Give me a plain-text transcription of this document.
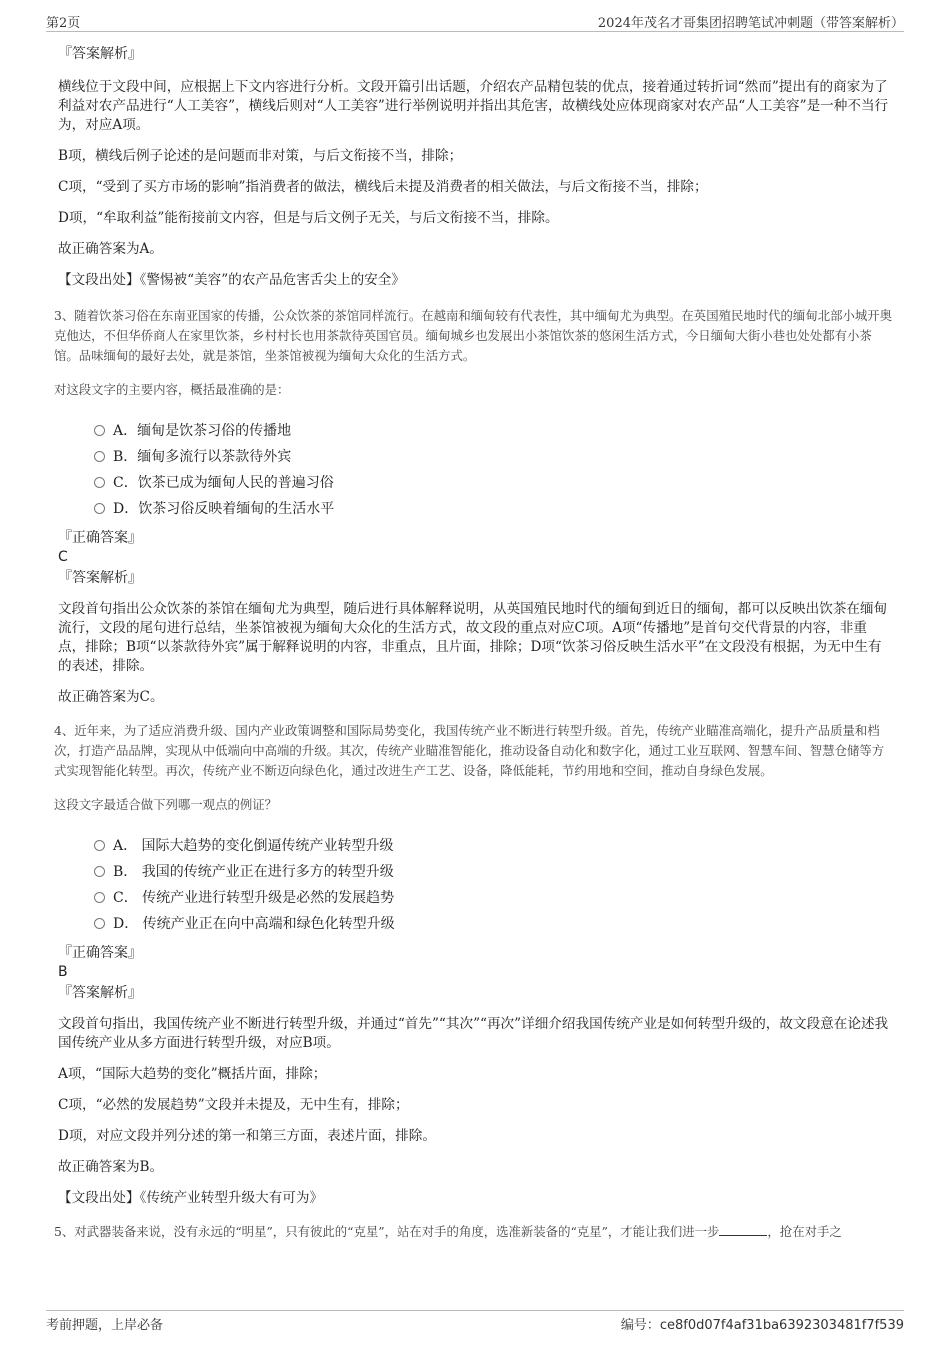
第2页	2024年茂名才哥集团招聘笔试冲刺题（带答案解析）
『答案解析』

横线位于文段中间，应根据上下文内容进行分析。文段开篇引出话题，介绍农产品精包装的优点，接着通过转折词“然而”提出有的商家为了利益对农产品进行“人工美容”，横线后则对“人工美容”进行举例说明并指出其危害，故横线处应体现商家对农产品“人工美容”是一种不当行为，对应A项。

B项，横线后例子论述的是问题而非对策，与后文衔接不当，排除；

C项，“受到了买方市场的影响”指消费者的做法，横线后未提及消费者的相关做法，与后文衔接不当，排除；

D项，“牟取利益”能衔接前文内容，但是与后文例子无关，与后文衔接不当，排除。

故正确答案为A。

【文段出处】《警惕被“美容”的农产品危害舌尖上的安全》

3、随着饮茶习俗在东南亚国家的传播，公众饮茶的茶馆同样流行。在越南和缅甸较有代表性，其中缅甸尤为典型。在英国殖民地时代的缅甸北部小城开奥克他达，不但华侨商人在家里饮茶，乡村村长也用茶款待英国官员。缅甸城乡也发展出小茶馆饮茶的悠闲生活方式，今日缅甸大街小巷也处处都有小茶馆。品味缅甸的最好去处，就是茶馆，坐茶馆被视为缅甸大众化的生活方式。

对这段文字的主要内容，概括最准确的是：

A．缅甸是饮茶习俗的传播地
B．缅甸多流行以茶款待外宾
C．饮茶已成为缅甸人民的普遍习俗
D．饮茶习俗反映着缅甸的生活水平
『正确答案』
C
『答案解析』

文段首句指出公众饮茶的茶馆在缅甸尤为典型，随后进行具体解释说明，从英国殖民地时代的缅甸到近日的缅甸，都可以反映出饮茶在缅甸流行，文段的尾句进行总结，坐茶馆被视为缅甸大众化的生活方式，故文段的重点对应C项。A项“传播地”是首句交代背景的内容，非重点，排除；B项“以茶款待外宾”属于解释说明的内容，非重点，且片面，排除；D项“饮茶习俗反映生活水平”在文段没有根据，为无中生有的表述，排除。

故正确答案为C。

4、近年来，为了适应消费升级、国内产业政策调整和国际局势变化，我国传统产业不断进行转型升级。首先，传统产业瞄准高端化，提升产品质量和档次，打造产品品牌，实现从中低端向中高端的升级。其次，传统产业瞄准智能化，推动设备自动化和数字化，通过工业互联网、智慧车间、智慧仓储等方式实现智能化转型。再次，传统产业不断迈向绿色化，通过改进生产工艺、设备，降低能耗，节约用地和空间，推动自身绿色发展。

这段文字最适合做下列哪一观点的例证？

A． 国际大趋势的变化倒逼传统产业转型升级
B． 我国的传统产业正在进行多方的转型升级
C． 传统产业进行转型升级是必然的发展趋势
D． 传统产业正在向中高端和绿色化转型升级
『正确答案』
B
『答案解析』

文段首句指出，我国传统产业不断进行转型升级，并通过“首先”“其次”“再次”详细介绍我国传统产业是如何转型升级的，故文段意在论述我国传统产业从多方面进行转型升级，对应B项。

A项，“国际大趋势的变化”概括片面，排除；

C项，“必然的发展趋势”文段并未提及，无中生有，排除；

D项，对应文段并列分述的第一和第三方面，表述片面，排除。

故正确答案为B。

【文段出处】《传统产业转型升级大有可为》

5、对武器装备来说，没有永远的“明星”，只有彼此的“克星”，站在对手的角度，选准新装备的“克星”，才能让我们进一步	，抢在对手之

考前押题，上岸必备	编号：ce8f0d07f4af31ba6392303481f7f539
